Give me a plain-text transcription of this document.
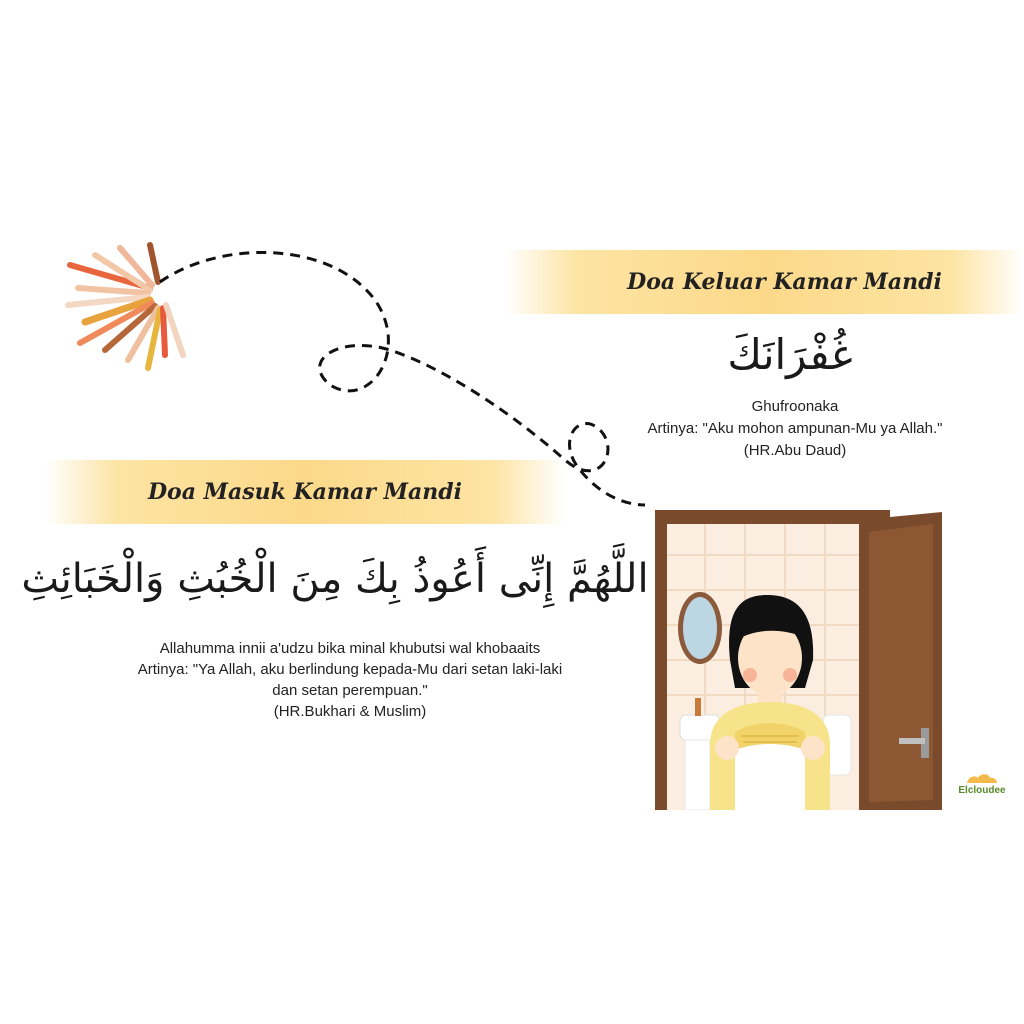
Doa Keluar Kamar Mandi
غُفْرَانَكَ
Ghufroonaka
Artinya: "Aku mohon ampunan-Mu ya Allah."
(HR.Abu Daud)
Doa Masuk Kamar Mandi
اللَّهُمَّ إِنِّى أَعُوذُ بِكَ مِنَ الْخُبُثِ وَالْخَبَائِثِ
Allahumma innii a'udzu bika minal khubutsi wal khobaaits
Artinya: "Ya Allah, aku berlindung kepada-Mu dari setan laki-laki
dan setan perempuan."
(HR.Bukhari & Muslim)
Elcloudee
